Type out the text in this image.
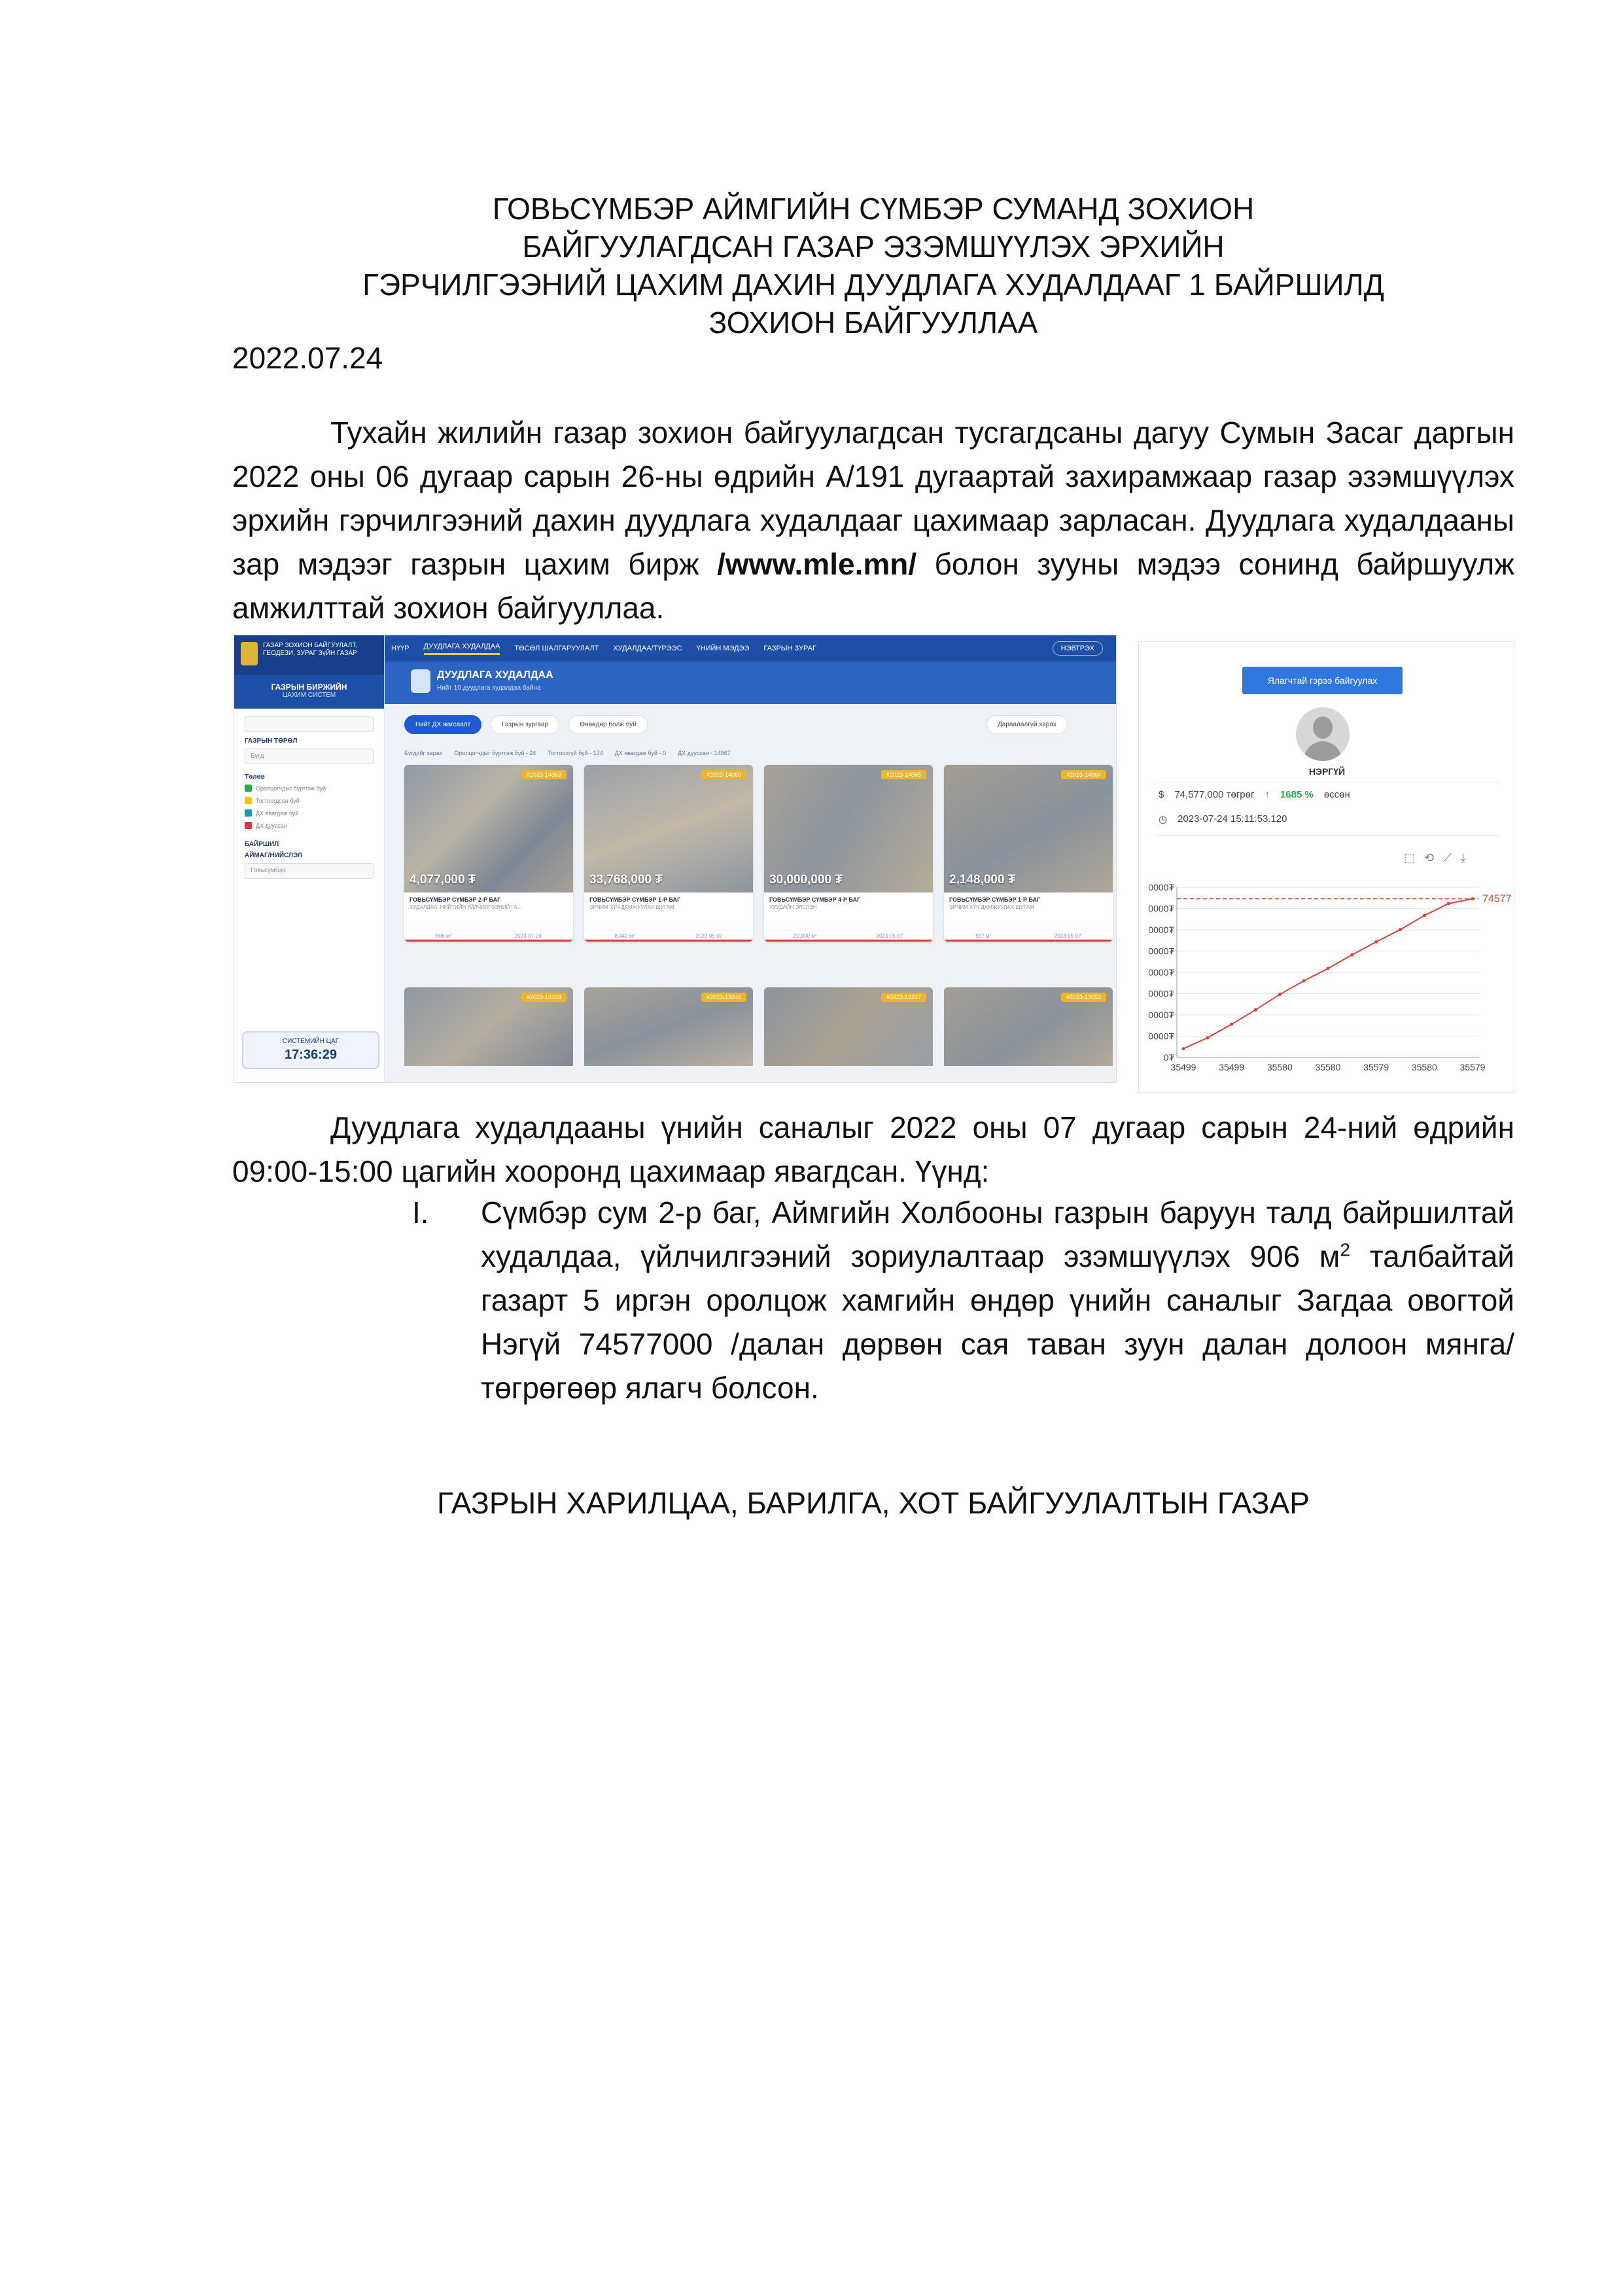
ГОВЬСҮМБЭР АЙМГИЙН СҮМБЭР СУМАНД ЗОХИОН
БАЙГУУЛАГДСАН ГАЗАР ЭЗЭМШҮҮЛЭХ ЭРХИЙН
ГЭРЧИЛГЭЭНИЙ ЦАХИМ ДАХИН ДУУДЛАГА ХУДАЛДААГ 1 БАЙРШИЛД
ЗОХИОН БАЙГУУЛЛАА
2022.07.24
Тухайн жилийн газар зохион байгуулагдсан тусгагдсаны дагуу Сумын Засаг даргын 2022 оны 06 дугаар сарын 26-ны өдрийн А/191 дугаартай захирамжаар газар эзэмшүүлэх эрхийн гэрчилгээний дахин дуудлага худалдааг цахимаар зарласан. Дуудлага худалдааны зар мэдээг газрын цахим бирж /www.mle.mn/ болон зууны мэдээ сонинд байршуулж амжилттай зохион байгууллаа.
ГАЗАР ЗОХИОН БАЙГУУЛАЛТ, ГЕОДЕЗИ, ЗУРАГ ЗүЙН ГАЗАР
ГАЗРЫН БИРЖИЙН
ЦАХИМ СИСТЕМ
ГАЗРЫН ТӨРӨЛ
Бүгд
Төлөв
Оролцогчдыг бүртгэж буй
Тогтоогдсон буй
ДХ явагдаж буй
ДХ дууссан
БАЙРШИЛ
АЙМАГ/НИЙСЛЭЛ
Говьсүмбэр
СИСТЕМИЙН ЦАГ
17:36:29
НҮҮР ДУУДЛАГА ХУДАЛДАА ТӨСӨЛ ШАЛГАРУУЛАЛТ ХУДАЛДАА/ТҮРЭЭС ҮНИЙН МЭДЭЭ ГАЗРЫН ЗУРАГ	НЭВТРЭХ
ДУУДЛАГА ХУДАЛДАА
Нийт 10 дуудлага худалдаа байна
Нийт ДХ жагсаалт	Газрын зургаар	Өнөөдөр болж буй	Дараалалгүй харах
Бүгдийг харах Оролцогчдыг бүртгэж буй - 24 Тогтоохгүй буй - 174 ДХ явагдаж буй - 0 ДХ дууссан - 14867
#2023-14063
4,077,000 ₮
ГОВЬСҮМБЭР СҮМБЭР 2-Р БАГ
ХУДАЛДАА, НИЙТИЙН ҮЙЛЧИЛГЭЭНИЙ ГА...
906 м²	2023-07-24
#2023-14060
33,768,000 ₮
ГОВЬСҮМБЭР СҮМБЭР 1-Р БАГ
ЭРЧИМ ХҮЧ ДАМЖУУЛАХ ШУГАМ
8,442 м²	2023-05-07
#2023-14065
30,000,000 ₮
ГОВЬСҮМБЭР СҮМБЭР 4-Р БАГ
ХУУДАЙН ЭЛСЛЭН
22,000 м²	2023-05-07
#2023-14064
2,148,000 ₮
ГОВЬСҮМБЭР СҮМБЭР 1-Р БАГ
ЭРЧИМ ХҮЧ ДАМЖУУЛАХ ШУГАМ
557 м²	2023-05-07
#2023-13164	#2023-13246	#2023-13247	#2023-13053
Ялагчтай гэрээ байгуулах
НЭРГҮЙ
$ 74,577,000 төгрөг ↑ 1685 % өссөн
◷ 2023-07-24 15:11:53.120
⬚ ⟲ ⟋ ⤓
0000₮
0000₮
0000₮
0000₮
0000₮
0000₮
0000₮
0000₮
0₮
35499 35499 35580 35580 35579 35580 35579
74577
Дуудлага худалдааны үнийн саналыг 2022 оны 07 дугаар сарын 24-ний өдрийн 09:00-15:00 цагийн хооронд цахимаар явагдсан. Үүнд:
I. Сүмбэр сум 2-р баг, Аймгийн Холбооны газрын баруун талд байршилтай худалдаа, үйлчилгээний зориулалтаар эзэмшүүлэх 906 $м^2$ талбайтай газарт 5 иргэн оролцож хамгийн өндөр үнийн саналыг Загдаа овогтой Нэгүй 74577000 /далан дөрвөн сая таван зуун далан долоон мянга/ төгрөгөөр ялагч болсон.
ГАЗРЫН ХАРИЛЦАА, БАРИЛГА, ХОТ БАЙГУУЛАЛТЫН ГАЗАР
